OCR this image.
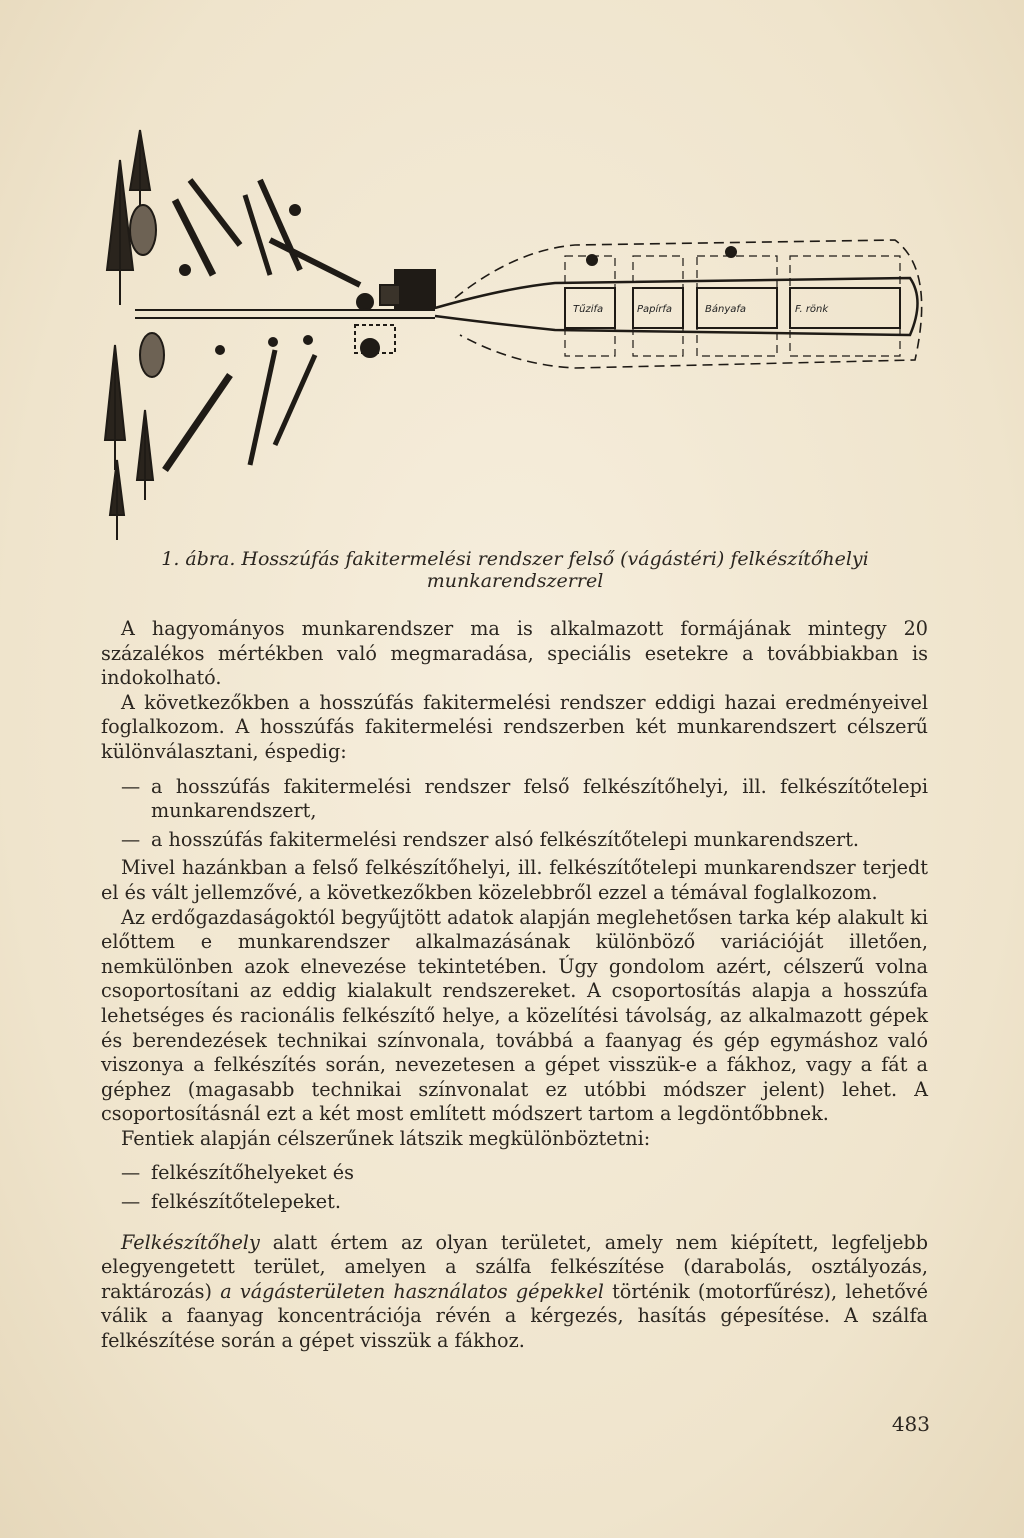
Tűzifa	Papírfa	Bányafa	F. rönk
1. ábra. Hosszúfás fakitermelési rendszer felső (vágástéri) felkészítőhelyi munkarendszerrel

A hagyományos munkarendszer ma is alkalmazott formájának mintegy 20 százalékos mértékben való megmaradása, speciális esetekre a továbbiakban is indokolható.

A következőkben a hosszúfás fakitermelési rendszer eddigi hazai eredményeivel foglalkozom. A hosszúfás fakitermelési rendszerben két munkarendszert célszerű különválasztani, éspedig:

— a hosszúfás fakitermelési rendszer felső felkészítőhelyi, ill. felkészítőtelepi munkarendszert,

— a hosszúfás fakitermelési rendszer alsó felkészítőtelepi munkarendszert.

Mivel hazánkban a felső felkészítőhelyi, ill. felkészítőtelepi munkarendszer terjedt el és vált jellemzővé, a következőkben közelebbről ezzel a témával foglalkozom.

Az erdőgazdaságoktól begyűjtött adatok alapján meglehetősen tarka kép alakult ki előttem e munkarendszer alkalmazásának különböző variációját illetően, nemkülönben azok elnevezése tekintetében. Úgy gondolom azért, célszerű volna csoportosítani az eddig kialakult rendszereket. A csoportosítás alapja a hosszúfa lehetséges és racionális felkészítő helye, a közelítési távolság, az alkalmazott gépek és berendezések technikai színvonala, továbbá a faanyag és gép egymáshoz való viszonya a felkészítés során, nevezetesen a gépet visszük-e a fákhoz, vagy a fát a géphez (magasabb technikai színvonalat ez utóbbi módszer jelent) lehet. A csoportosításnál ezt a két most említett módszert tartom a legdöntőbbnek.

Fentiek alapján célszerűnek látszik megkülönböztetni:

— felkészítőhelyeket és

— felkészítőtelepeket.

Felkészítőhely alatt értem az olyan területet, amely nem kiépített, legfeljebb elegyengetett terület, amelyen a szálfa felkészítése (darabolás, osztályozás, raktározás) a vágásterületen használatos gépekkel történik (motorfűrész), lehetővé válik a faanyag koncentrációja révén a kérgezés, hasítás gépesítése. A szálfa felkészítése során a gépet visszük a fákhoz.

483
